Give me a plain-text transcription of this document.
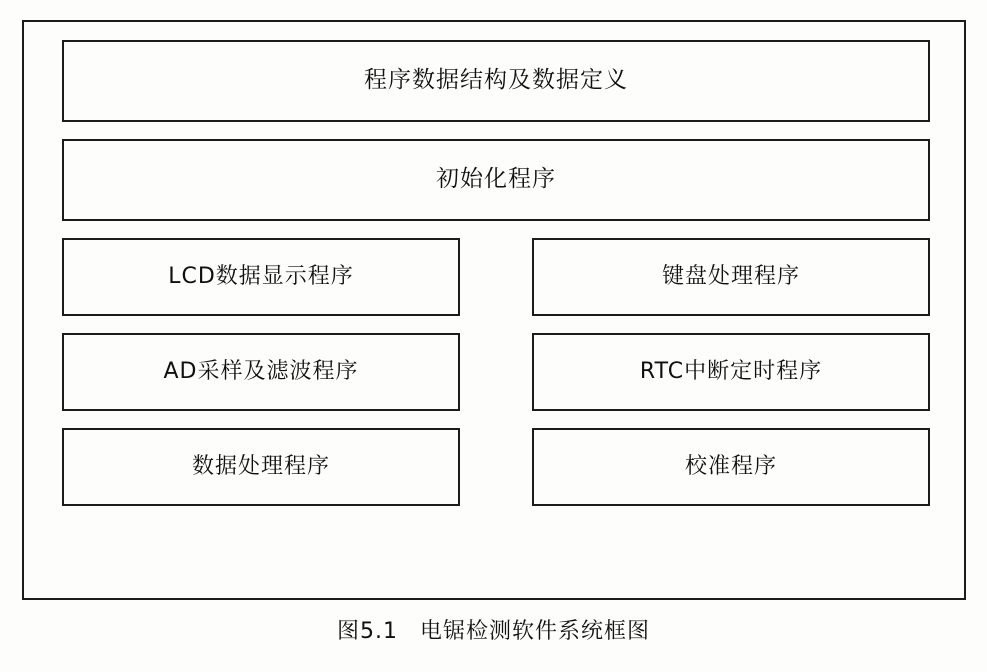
程序数据结构及数据定义
初始化程序
LCD数据显示程序	键盘处理程序
AD采样及滤波程序	RTC中断定时程序
数据处理程序	校准程序
图5.1 电锯检测软件系统框图
